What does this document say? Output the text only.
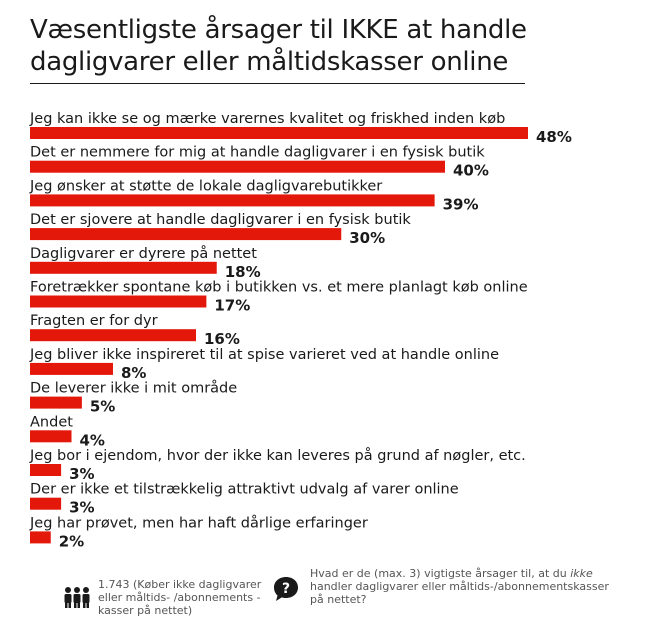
Væsentligste årsager til IKKE at handle dagligvarer eller måltidskasser online
Jeg kan ikke se og mærke varernes kvalitet og friskhed inden køb
48%
Det er nemmere for mig at handle dagligvarer i en fysisk butik
40%
Jeg ønsker at støtte de lokale dagligvarebutikker
39%
Det er sjovere at handle dagligvarer i en fysisk butik
30%
Dagligvarer er dyrere på nettet
18%
Foretrækker spontane køb i butikken vs. et mere planlagt køb online
17%
Fragten er for dyr
16%
Jeg bliver ikke inspireret til at spise varieret ved at handle online
8%
De leverer ikke i mit område
5%
Andet
4%
Jeg bor i ejendom, hvor der ikke kan leveres på grund af nøgler, etc.
3%
Der er ikke et tilstrækkelig attraktivt udvalg af varer online
3%
Jeg har prøvet, men har haft dårlige erfaringer
2%
1.743 (Køber ikke dagligvarer eller måltids- /abonnements -kasser på nettet)
?
Hvad er de (max. 3) vigtigste årsager til, at du ikke handler dagligvarer eller måltids-/abonnementskasser på nettet?
